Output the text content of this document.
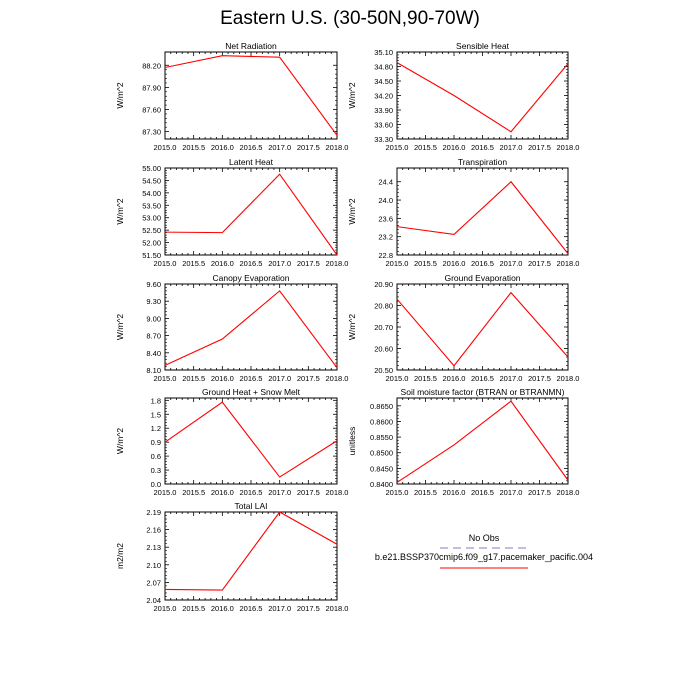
Eastern U.S. (30-50N,90-70W)
Net Radiation
W/m^2
2015.0 2015.5 2016.0 2016.5 2017.0 2017.5 2018.0
87.30
87.60
87.90
88.20
Sensible Heat
W/m^2
2015.0 2015.5 2016.0 2016.5 2017.0 2017.5 2018.0
33.30
33.60
33.90
34.20
34.50
34.80
35.10
Latent Heat
W/m^2
2015.0 2015.5 2016.0 2016.5 2017.0 2017.5 2018.0
51.50
52.00
52.50
53.00
53.50
54.00
54.50
55.00
Transpiration
W/m^2
2015.0 2015.5 2016.0 2016.5 2017.0 2017.5 2018.0
22.8
23.2
23.6
24.0
24.4
Canopy Evaporation
W/m^2
2015.0 2015.5 2016.0 2016.5 2017.0 2017.5 2018.0
8.10
8.40
8.70
9.00
9.30
9.60
Ground Evaporation
W/m^2
2015.0 2015.5 2016.0 2016.5 2017.0 2017.5 2018.0
20.50
20.60
20.70
20.80
20.90
Ground Heat + Snow Melt
W/m^2
2015.0 2015.5 2016.0 2016.5 2017.0 2017.5 2018.0
0.0
0.3
0.6
0.9
1.2
1.5
1.8
Soil moisture factor (BTRAN or BTRANMN)
unitless
2015.0 2015.5 2016.0 2016.5 2017.0 2017.5 2018.0
0.8400
0.8450
0.8500
0.8550
0.8600
0.8650
Total LAI
m2/m2
2015.0 2015.5 2016.0 2016.5 2017.0 2017.5 2018.0
2.04
2.07
2.10
2.13
2.16
2.19
No Obs
b.e21.BSSP370cmip6.f09_g17.pacemaker_pacific.004
